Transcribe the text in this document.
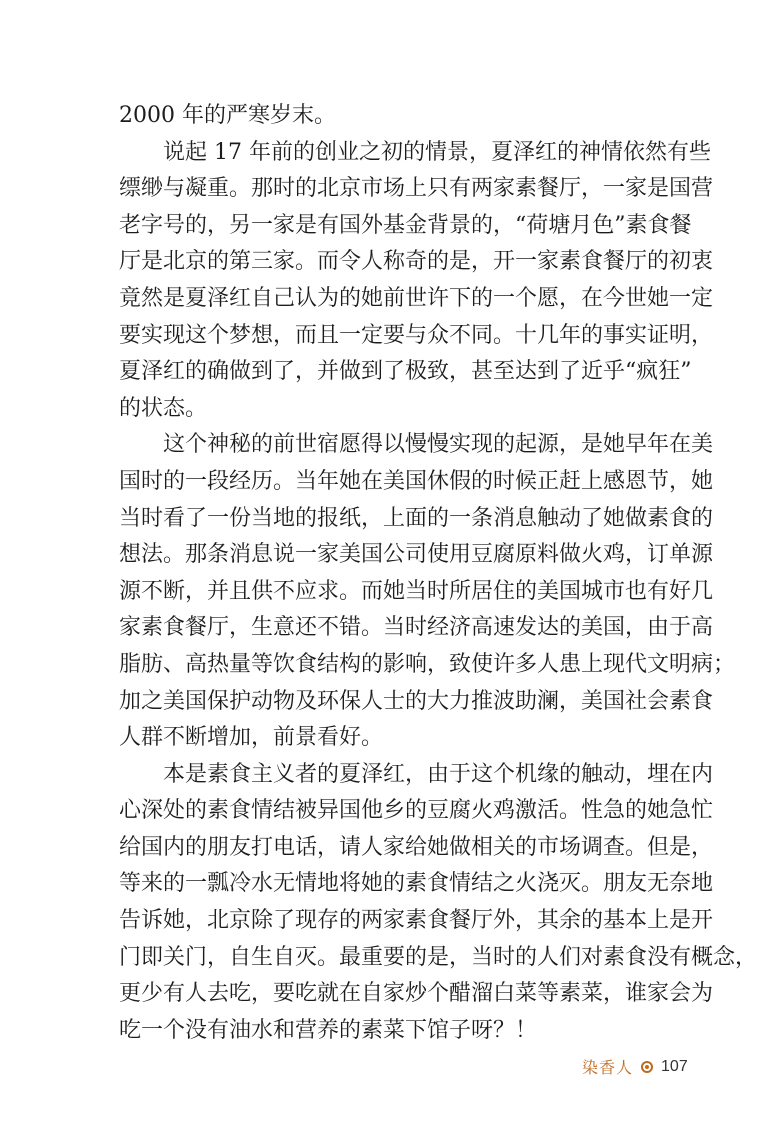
2000 年的严寒岁末。
说起 17 年前的创业之初的情景，夏泽红的神情依然有些
缥缈与凝重。那时的北京市场上只有两家素餐厅，一家是国营
老字号的，另一家是有国外基金背景的，“荷塘月色”素食餐
厅是北京的第三家。而令人称奇的是，开一家素食餐厅的初衷
竟然是夏泽红自己认为的她前世许下的一个愿，在今世她一定
要实现这个梦想，而且一定要与众不同。十几年的事实证明，
夏泽红的确做到了，并做到了极致，甚至达到了近乎“疯狂”
的状态。
这个神秘的前世宿愿得以慢慢实现的起源，是她早年在美
国时的一段经历。当年她在美国休假的时候正赶上感恩节，她
当时看了一份当地的报纸，上面的一条消息触动了她做素食的
想法。那条消息说一家美国公司使用豆腐原料做火鸡，订单源
源不断，并且供不应求。而她当时所居住的美国城市也有好几
家素食餐厅，生意还不错。当时经济高速发达的美国，由于高
脂肪、高热量等饮食结构的影响，致使许多人患上现代文明病；
加之美国保护动物及环保人士的大力推波助澜，美国社会素食
人群不断增加，前景看好。
本是素食主义者的夏泽红，由于这个机缘的触动，埋在内
心深处的素食情结被异国他乡的豆腐火鸡激活。性急的她急忙
给国内的朋友打电话，请人家给她做相关的市场调查。但是，
等来的一瓢冷水无情地将她的素食情结之火浇灭。朋友无奈地
告诉她，北京除了现存的两家素食餐厅外，其余的基本上是开
门即关门，自生自灭。最重要的是，当时的人们对素食没有概念，
更少有人去吃，要吃就在自家炒个醋溜白菜等素菜，谁家会为
吃一个没有油水和营养的素菜下馆子呀？！
染香人 107
